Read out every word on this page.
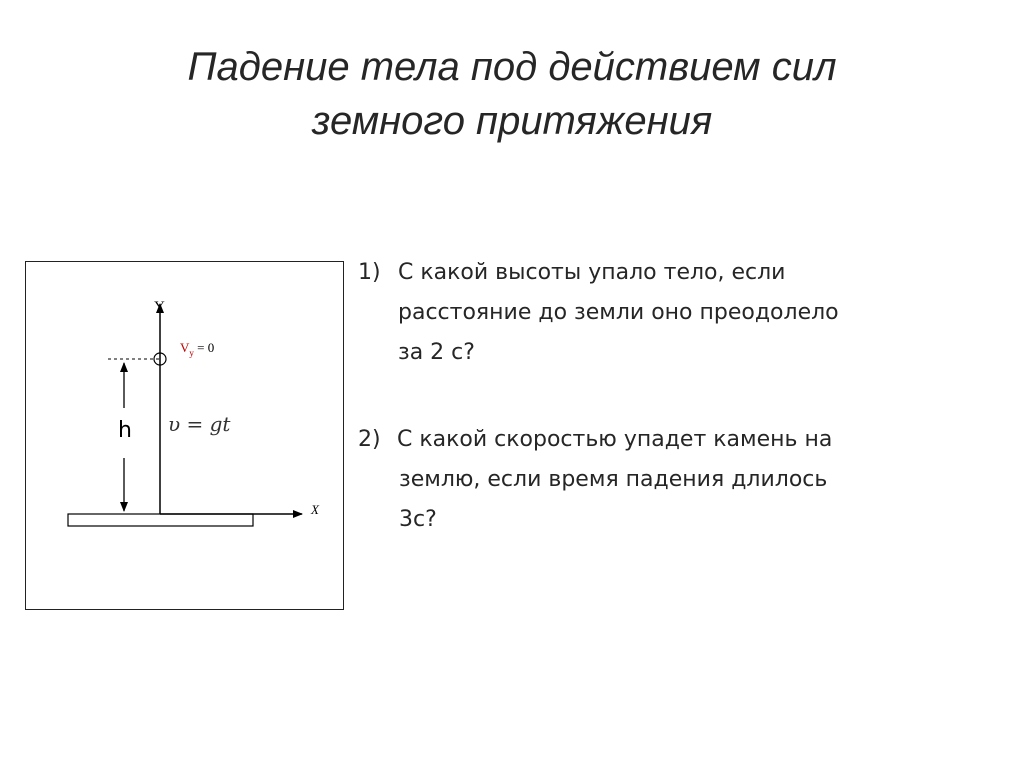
Падение тела под действием сил
земного притяжения
Y
X
$V_y = 0$
h υ = gt
1) С какой высоты упало тело, если
расстояние до земли оно преодолело
за 2 с?
2) С какой скоростью упадет камень на
землю, если время падения длилось
3с?
